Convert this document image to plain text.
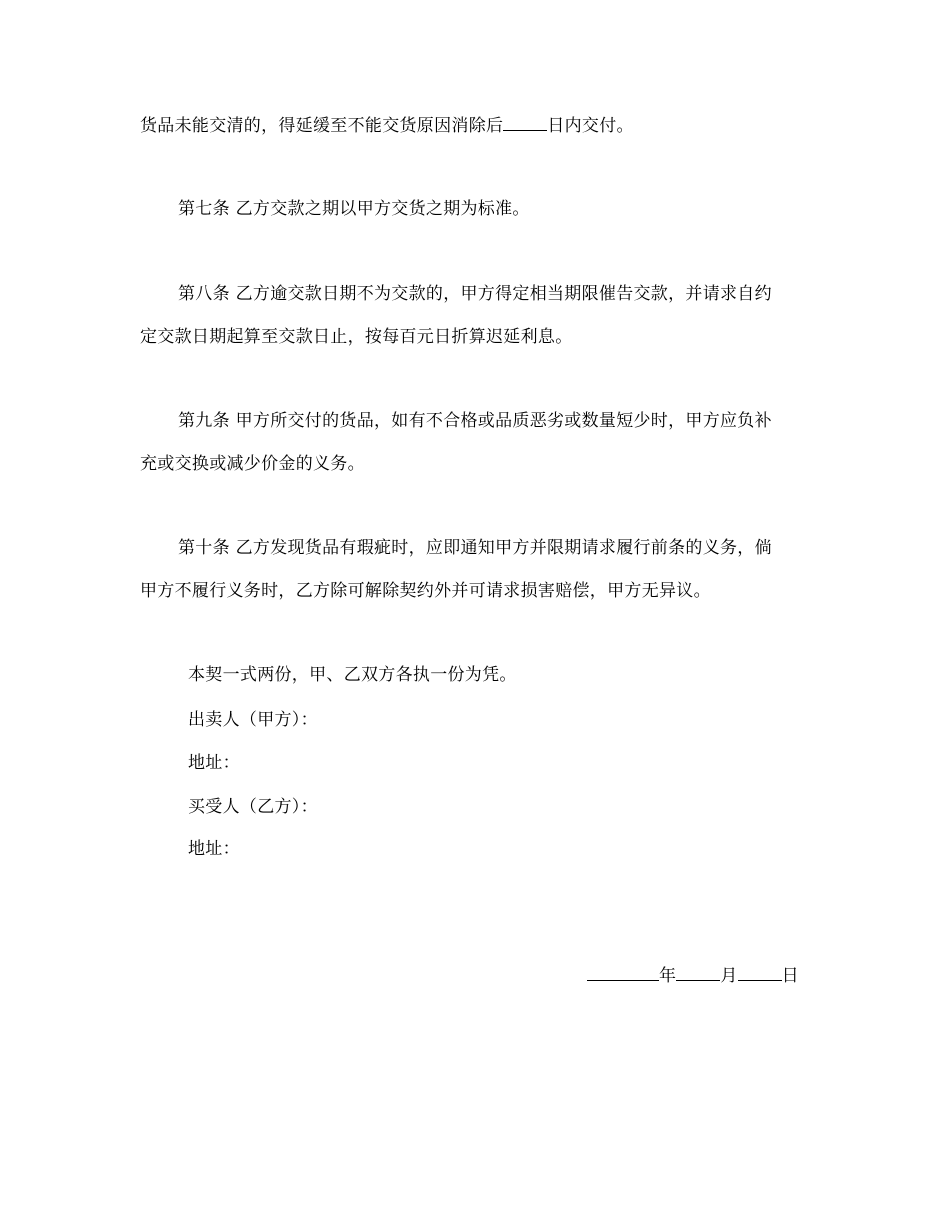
货品未能交清的，得延缓至不能交货原因消除后	日内交付。
第七条 乙方交款之期以甲方交货之期为标准。
第八条 乙方逾交款日期不为交款的，甲方得定相当期限催告交款，并请求自约
定交款日期起算至交款日止，按每百元日折算迟延利息。
第九条 甲方所交付的货品，如有不合格或品质恶劣或数量短少时，甲方应负补
充或交换或减少价金的义务。
第十条 乙方发现货品有瑕疵时，应即通知甲方并限期请求履行前条的义务，倘
甲方不履行义务时，乙方除可解除契约外并可请求损害赔偿，甲方无异议。
本契一式两份，甲、乙双方各执一份为凭。
出卖人（甲方）：
地址：
买受人（乙方）：
地址：
年	月	日
